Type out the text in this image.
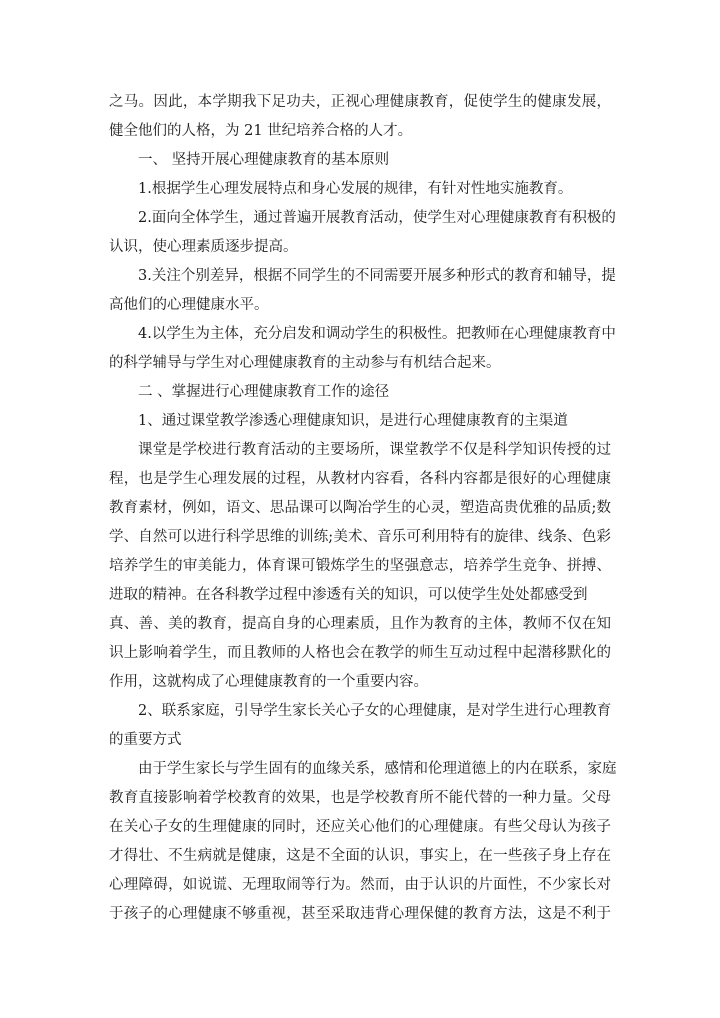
之马。因此，本学期我下足功夫，正视心理健康教育，促使学生的健康发展，
健全他们的人格，为 21 世纪培养合格的人才。
一、 坚持开展心理健康教育的基本原则
1.根据学生心理发展特点和身心发展的规律，有针对性地实施教育。
2.面向全体学生，通过普遍开展教育活动，使学生对心理健康教育有积极的
认识，使心理素质逐步提高。
3.关注个别差异，根据不同学生的不同需要开展多种形式的教育和辅导，提
高他们的心理健康水平。
4.以学生为主体，充分启发和调动学生的积极性。把教师在心理健康教育中
的科学辅导与学生对心理健康教育的主动参与有机结合起来。
二 、掌握进行心理健康教育工作的途径
1、通过课堂教学渗透心理健康知识，是进行心理健康教育的主渠道
课堂是学校进行教育活动的主要场所，课堂教学不仅是科学知识传授的过
程，也是学生心理发展的过程，从教材内容看，各科内容都是很好的心理健康
教育素材，例如，语文、思品课可以陶冶学生的心灵，塑造高贵优雅的品质;数
学、自然可以进行科学思维的训练;美术、音乐可利用特有的旋律、线条、色彩
培养学生的审美能力，体育课可锻炼学生的坚强意志，培养学生竞争、拼搏、
进取的精神。在各科教学过程中渗透有关的知识，可以使学生处处都感受到
真、善、美的教育，提高自身的心理素质，且作为教育的主体，教师不仅在知
识上影响着学生，而且教师的人格也会在教学的师生互动过程中起潜移默化的
作用，这就构成了心理健康教育的一个重要内容。
2、联系家庭，引导学生家长关心子女的心理健康，是对学生进行心理教育
的重要方式
由于学生家长与学生固有的血缘关系，感情和伦理道德上的内在联系，家庭
教育直接影响着学校教育的效果，也是学校教育所不能代替的一种力量。父母
在关心子女的生理健康的同时，还应关心他们的心理健康。有些父母认为孩子
才得壮、不生病就是健康，这是不全面的认识，事实上，在一些孩子身上存在
心理障碍，如说谎、无理取闹等行为。然而，由于认识的片面性，不少家长对
于孩子的心理健康不够重视，甚至采取违背心理保健的教育方法，这是不利于
